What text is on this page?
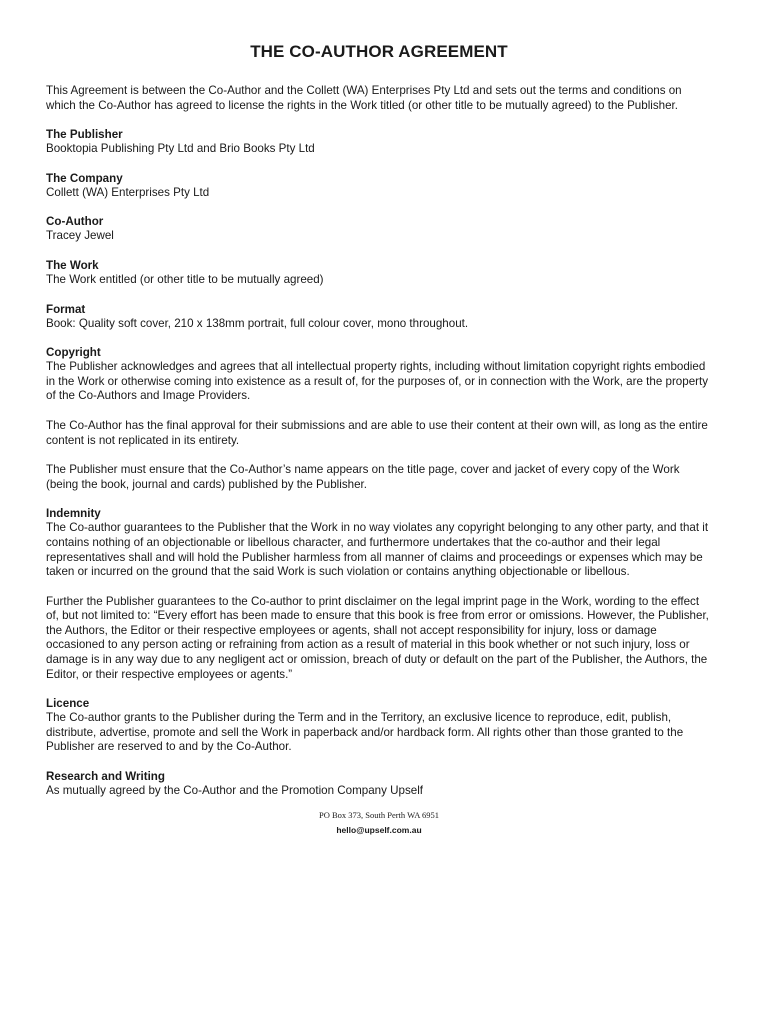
THE CO-AUTHOR AGREEMENT

This Agreement is between the Co-Author and the Collett (WA) Enterprises Pty Ltd and sets out the terms and conditions on which the Co-Author has agreed to license the rights in the Work titled (or other title to be mutually agreed) to the Publisher.

The Publisher

Booktopia Publishing Pty Ltd and Brio Books Pty Ltd

The Company

Collett (WA) Enterprises Pty Ltd

Co-Author

Tracey Jewel

The Work

The Work entitled (or other title to be mutually agreed)

Format

Book: Quality soft cover, 210 x 138mm portrait, full colour cover, mono throughout.

Copyright

The Publisher acknowledges and agrees that all intellectual property rights, including without limitation copyright rights embodied in the Work or otherwise coming into existence as a result of, for the purposes of, or in connection with the Work, are the property of the Co-Authors and Image Providers.

The Co-Author has the final approval for their submissions and are able to use their content at their own will, as long as the entire content is not replicated in its entirety.

The Publisher must ensure that the Co-Author’s name appears on the title page, cover and jacket of every copy of the Work (being the book, journal and cards) published by the Publisher.

Indemnity

The Co-author guarantees to the Publisher that the Work in no way violates any copyright belonging to any other party, and that it contains nothing of an objectionable or libellous character, and furthermore undertakes that the co-author and their legal representatives shall and will hold the Publisher harmless from all manner of claims and proceedings or expenses which may be taken or incurred on the ground that the said Work is such violation or contains anything objectionable or libellous.

Further the Publisher guarantees to the Co-author to print disclaimer on the legal imprint page in the Work, wording to the effect of, but not limited to: “Every effort has been made to ensure that this book is free from error or omissions. However, the Publisher, the Authors, the Editor or their respective employees or agents, shall not accept responsibility for injury, loss or damage occasioned to any person acting or refraining from action as a result of material in this book whether or not such injury, loss or damage is in any way due to any negligent act or omission, breach of duty or default on the part of the Publisher, the Authors, the Editor, or their respective employees or agents.”

Licence

The Co-author grants to the Publisher during the Term and in the Territory, an exclusive licence to reproduce, edit, publish, distribute, advertise, promote and sell the Work in paperback and/or hardback form. All rights other than those granted to the Publisher are reserved to and by the Co-Author.

Research and Writing

As mutually agreed by the Co-Author and the Promotion Company Upself

PO Box 373, South Perth WA 6951
hello@upself.com.au
